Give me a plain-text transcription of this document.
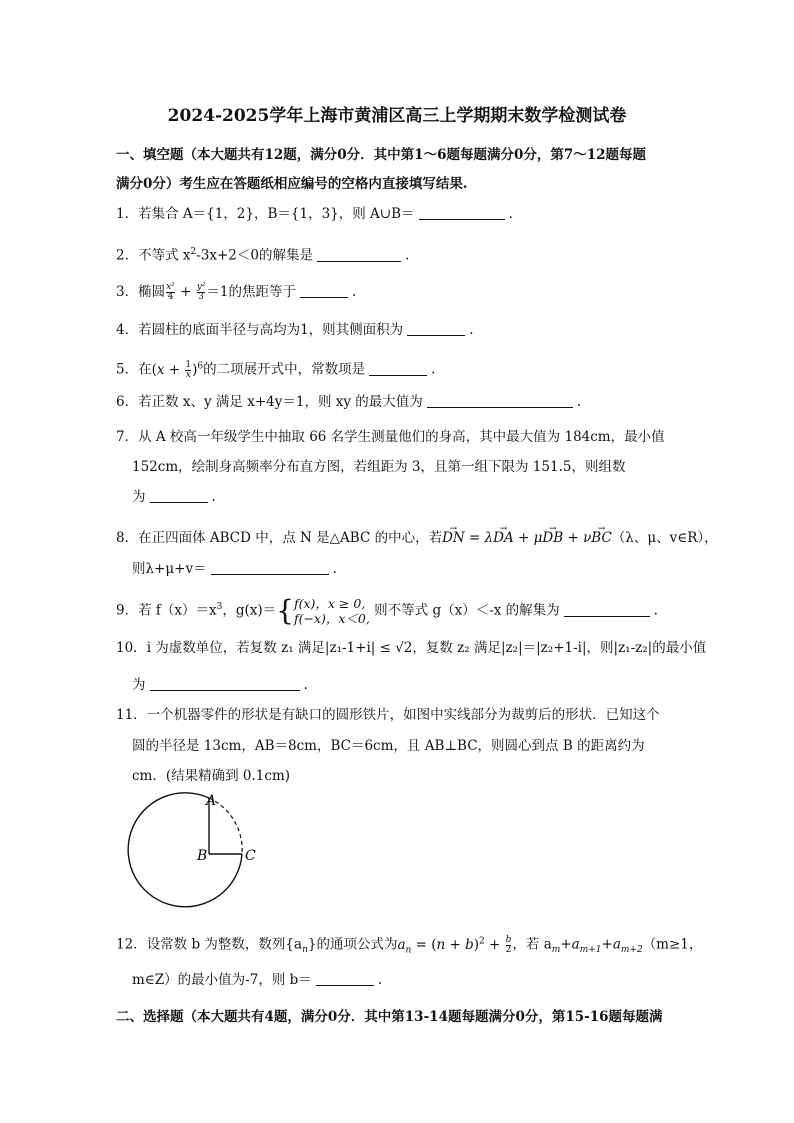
2024-2025学年上海市黄浦区高三上学期期末数学检测试卷
一、填空题（本大题共有12题，满分0分．其中第1～6题每题满分0分，第7～12题每题
满分0分）考生应在答题纸相应编号的空格内直接填写结果.
1．若集合 A＝{1，2}，B＝{1，3}，则 A∪B＝	.
2．不等式 $x^2-3x+2<0$的解集是	.
3．椭圆 $\frac{\text{x²}}{4} + \frac{\text{y²}}{3} =1$的焦距等于	.
4．若圆柱的底面半径与高均为1，则其侧面积为	.
5．在$(x + \frac{1}{x} )^6$的二项展开式中，常数项是	.
6．若正数 x、y 满足 x+4y＝1，则 xy 的最大值为	.
7．从 A 校高一年级学生中抽取 66 名学生测量他们的身高，其中最大值为 184cm，最小值
152cm，绘制身高频率分布直方图，若组距为 3，且第一组下限为 151.5，则组数
为	.
8．在正四面体 ABCD 中，点 N 是△ABC 的中心，若→ DN = λ→ DA + μ→ DB + ν→ BC（λ、μ、v∈R），
则λ+μ+v＝	.
9．若 $f(x)=x^3$，g(x)＝{ f(x)，x ≥ 0,
f(−x)，x＜0, 则不等式 g（x）＜-x 的解集为	.
10．i 为虚数单位，若复数 z₁ 满足|z₁-1+i| ≤ √2，复数 z₂ 满足|z₂|＝|z₂+1-i|，则|z₁-z₂|的最小值
为	.
11．一个机器零件的形状是有缺口的圆形铁片，如图中实线部分为裁剪后的形状．已知这个
圆的半径是 13cm，AB＝8cm，BC＝6cm，且 AB⊥BC，则圆心到点 B 的距离约为
cm．(结果精确到 0.1cm)
A
B	C
12．设常数 b 为整数，数列$\{a_n\}$的通项公式为$a_n = (n + b)^2 + \frac{b}{2}$ ，若 $a_m+a_{m+1}+a_{m+2}(m\ge 1$，
m∈Z）的最小值为-7，则 b＝	.
二、选择题（本大题共有4题，满分0分．其中第13-14题每题满分0分，第15-16题每题满
